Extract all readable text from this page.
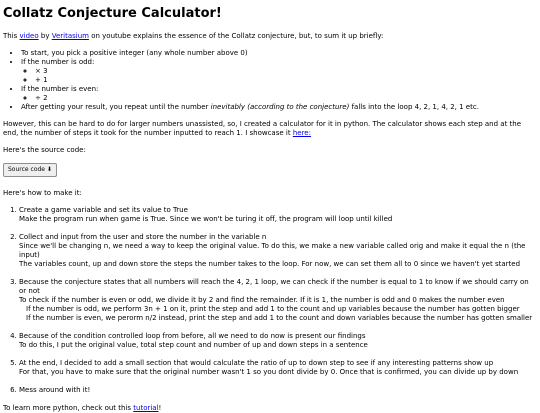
Collatz Conjecture Calculator!

This video by Veritasium on youtube explains the essence of the Collatz conjecture, but, to sum it up briefly:

• To start, you pick a positive integer (any whole number above 0)
• If the number is odd:
◦ × 3
◦ + 1
• If the number is even:
◦ ÷ 2
• After getting your result, you repeat until the number inevitably (according to the conjecture) falls into the loop 4, 2, 1, 4, 2, 1 etc.

However, this can be hard to do for larger numbers unassisted, so, I created a calculator for it in python. The calculator shows each step and at the end, the number of steps it took for the number inputted to reach 1. I showcase it here:

Here's the source code:

Source code ⬇

Here's how to make it:

1. Create a game variable and set its value to True
Make the program run when game is True. Since we won't be turing it off, the program will loop until killed
2. Collect and input from the user and store the number in the variable n
Since we'll be changing n, we need a way to keep the original value. To do this, we make a new variable called orig and make it equal the n (the input)
The variables count, up and down store the steps the number takes to the loop. For now, we can set them all to 0 since we haven't yet started
3. Because the conjecture states that all numbers will reach the 4, 2, 1 loop, we can check if the number is equal to 1 to know if we should carry on or not
To check if the number is even or odd, we divide it by 2 and find the remainder. If it is 1, the number is odd and 0 makes the number even
If the number is odd, we perform 3n + 1 on it, print the step and add 1 to the count and up variables because the number has gotten bigger
If the number is even, we perorm n/2 instead, print the step and add 1 to the count and down variables because the number has gotten smaller
4. Because of the condition controlled loop from before, all we need to do now is present our findings
To do this, I put the original value, total step count and number of up and down steps in a sentence
5. At the end, I decided to add a small section that would calculate the ratio of up to down step to see if any interesting patterns show up
For that, you have to make sure that the original number wasn't 1 so you dont divide by 0. Once that is confirmed, you can divide up by down
6. Mess around with it!

To learn more python, check out this tutorial!
